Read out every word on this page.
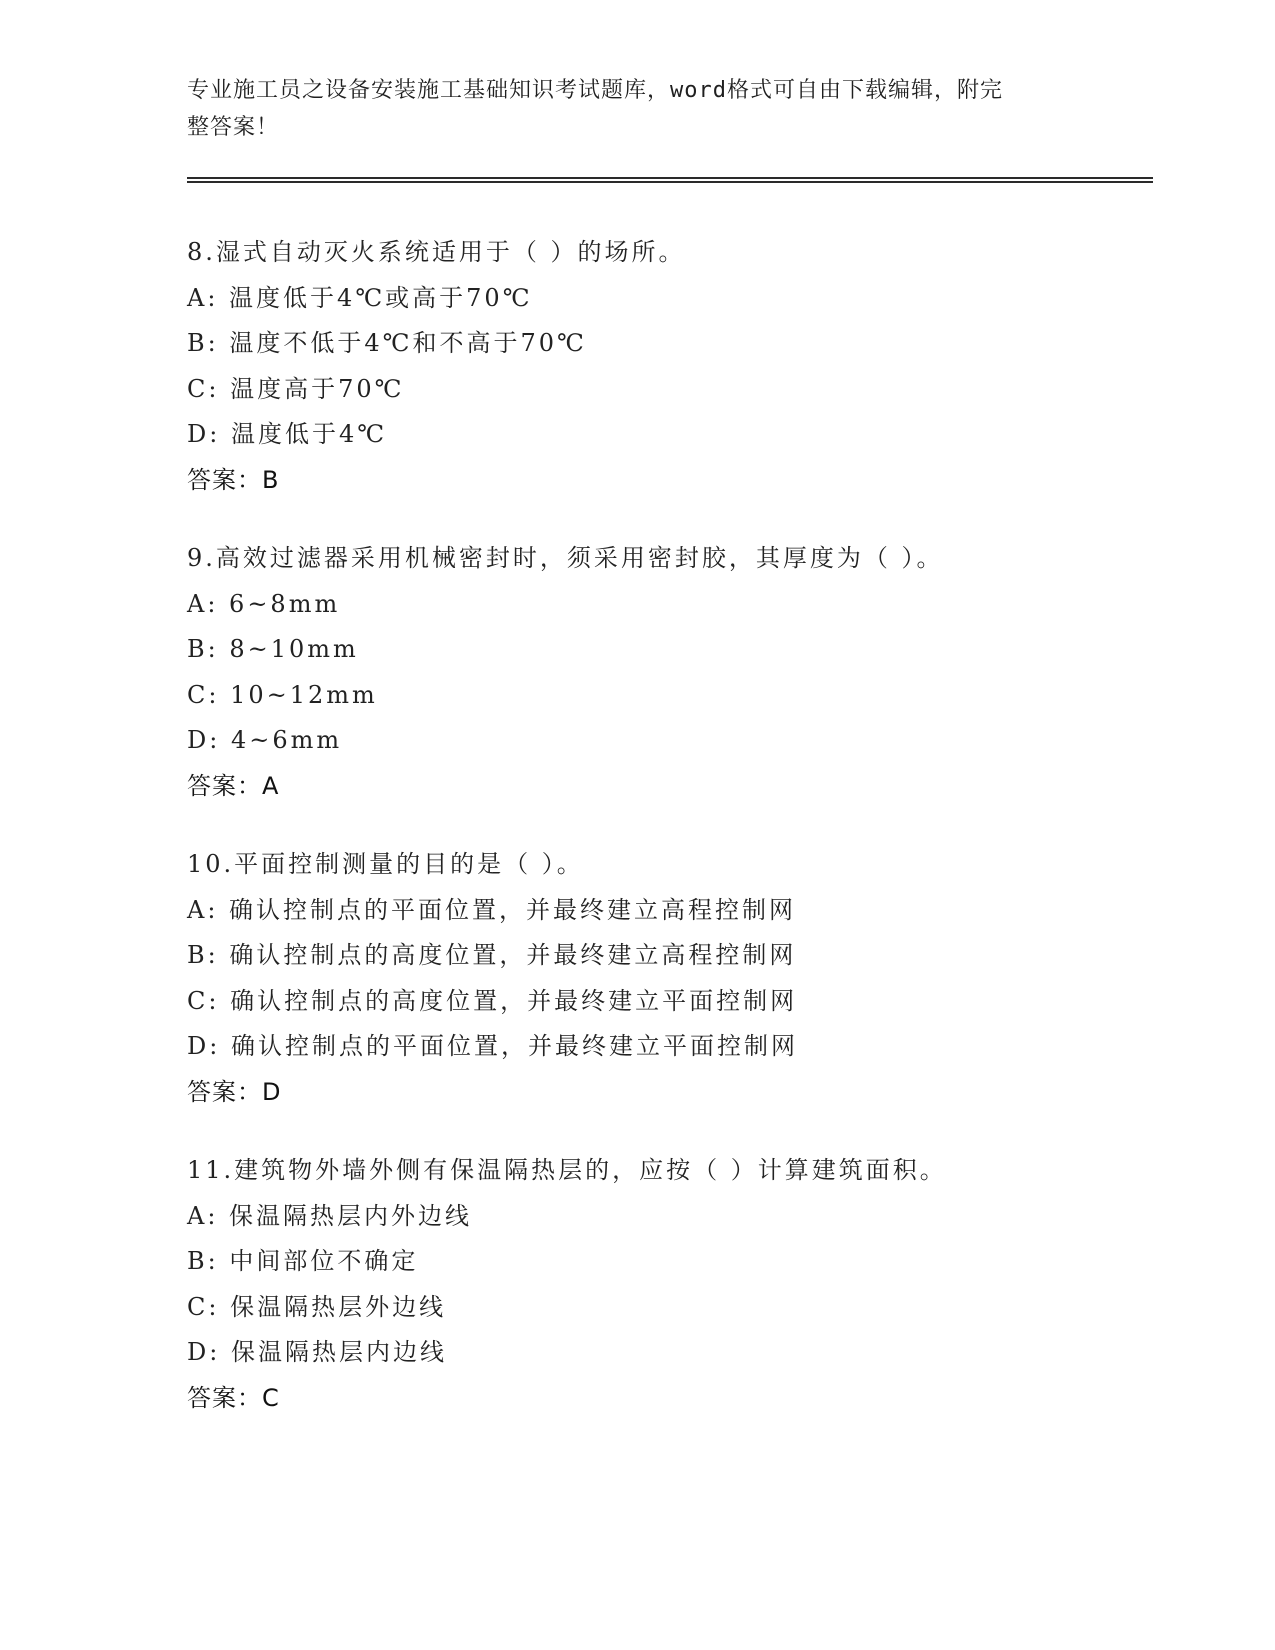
专业施工员之设备安装施工基础知识考试题库，word格式可自由下载编辑，附完
整答案！
8.湿式自动灭火系统适用于（ ）的场所。
A: 温度低于4℃或高于70℃
B: 温度不低于4℃和不高于70℃
C: 温度高于70℃
D: 温度低于4℃
答案：B
9.高效过滤器采用机械密封时，须采用密封胶，其厚度为（ ）。
A: 6~8mm
B: 8~10mm
C: 10~12mm
D: 4~6mm
答案：A
10.平面控制测量的目的是（ ）。
A: 确认控制点的平面位置，并最终建立高程控制网
B: 确认控制点的高度位置，并最终建立高程控制网
C: 确认控制点的高度位置，并最终建立平面控制网
D: 确认控制点的平面位置，并最终建立平面控制网
答案：D
11.建筑物外墙外侧有保温隔热层的，应按（ ）计算建筑面积。
A: 保温隔热层内外边线
B: 中间部位不确定
C: 保温隔热层外边线
D: 保温隔热层内边线
答案：C
